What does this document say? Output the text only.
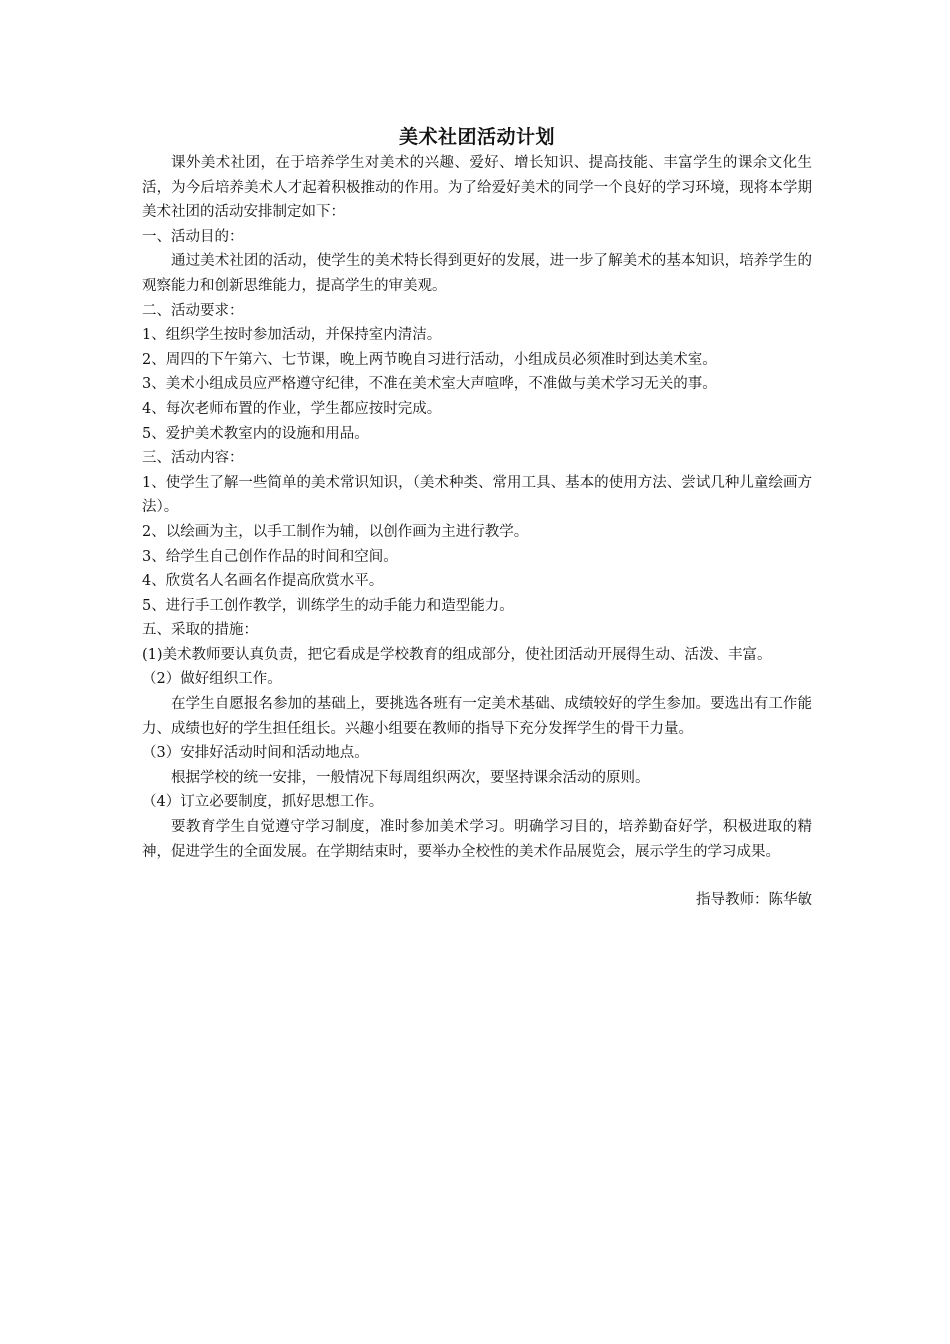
美术社团活动计划

课外美术社团，在于培养学生对美术的兴趣、爱好、增长知识、提高技能、丰富学生的课余文化生活，为今后培养美术人才起着积极推动的作用。为了给爱好美术的同学一个良好的学习环境，现将本学期美术社团的活动安排制定如下：

一、活动目的：

通过美术社团的活动，使学生的美术特长得到更好的发展，进一步了解美术的基本知识，培养学生的观察能力和创新思维能力，提高学生的审美观。

二、活动要求：

1、组织学生按时参加活动，并保持室内清洁。

2、周四的下午第六、七节课，晚上两节晚自习进行活动，小组成员必须准时到达美术室。

3、美术小组成员应严格遵守纪律，不准在美术室大声喧哗，不准做与美术学习无关的事。

4、每次老师布置的作业，学生都应按时完成。

5、爱护美术教室内的设施和用品。

三、活动内容：

1、使学生了解一些简单的美术常识知识，（美术种类、常用工具、基本的使用方法、尝试几种儿童绘画方法）。

2、以绘画为主，以手工制作为辅，以创作画为主进行教学。

3、给学生自己创作作品的时间和空间。

4、欣赏名人名画名作提高欣赏水平。

5、进行手工创作教学，训练学生的动手能力和造型能力。

五、采取的措施：

(1)美术教师要认真负责，把它看成是学校教育的组成部分，使社团活动开展得生动、活泼、丰富。

（2）做好组织工作。

在学生自愿报名参加的基础上，要挑选各班有一定美术基础、成绩较好的学生参加。要选出有工作能力、成绩也好的学生担任组长。兴趣小组要在教师的指导下充分发挥学生的骨干力量。

（3）安排好活动时间和活动地点。

根据学校的统一安排，一般情况下每周组织两次，要坚持课余活动的原则。

（4）订立必要制度，抓好思想工作。

要教育学生自觉遵守学习制度，准时参加美术学习。明确学习目的，培养勤奋好学，积极进取的精神，促进学生的全面发展。在学期结束时，要举办全校性的美术作品展览会，展示学生的学习成果。

指导教师：陈华敏
